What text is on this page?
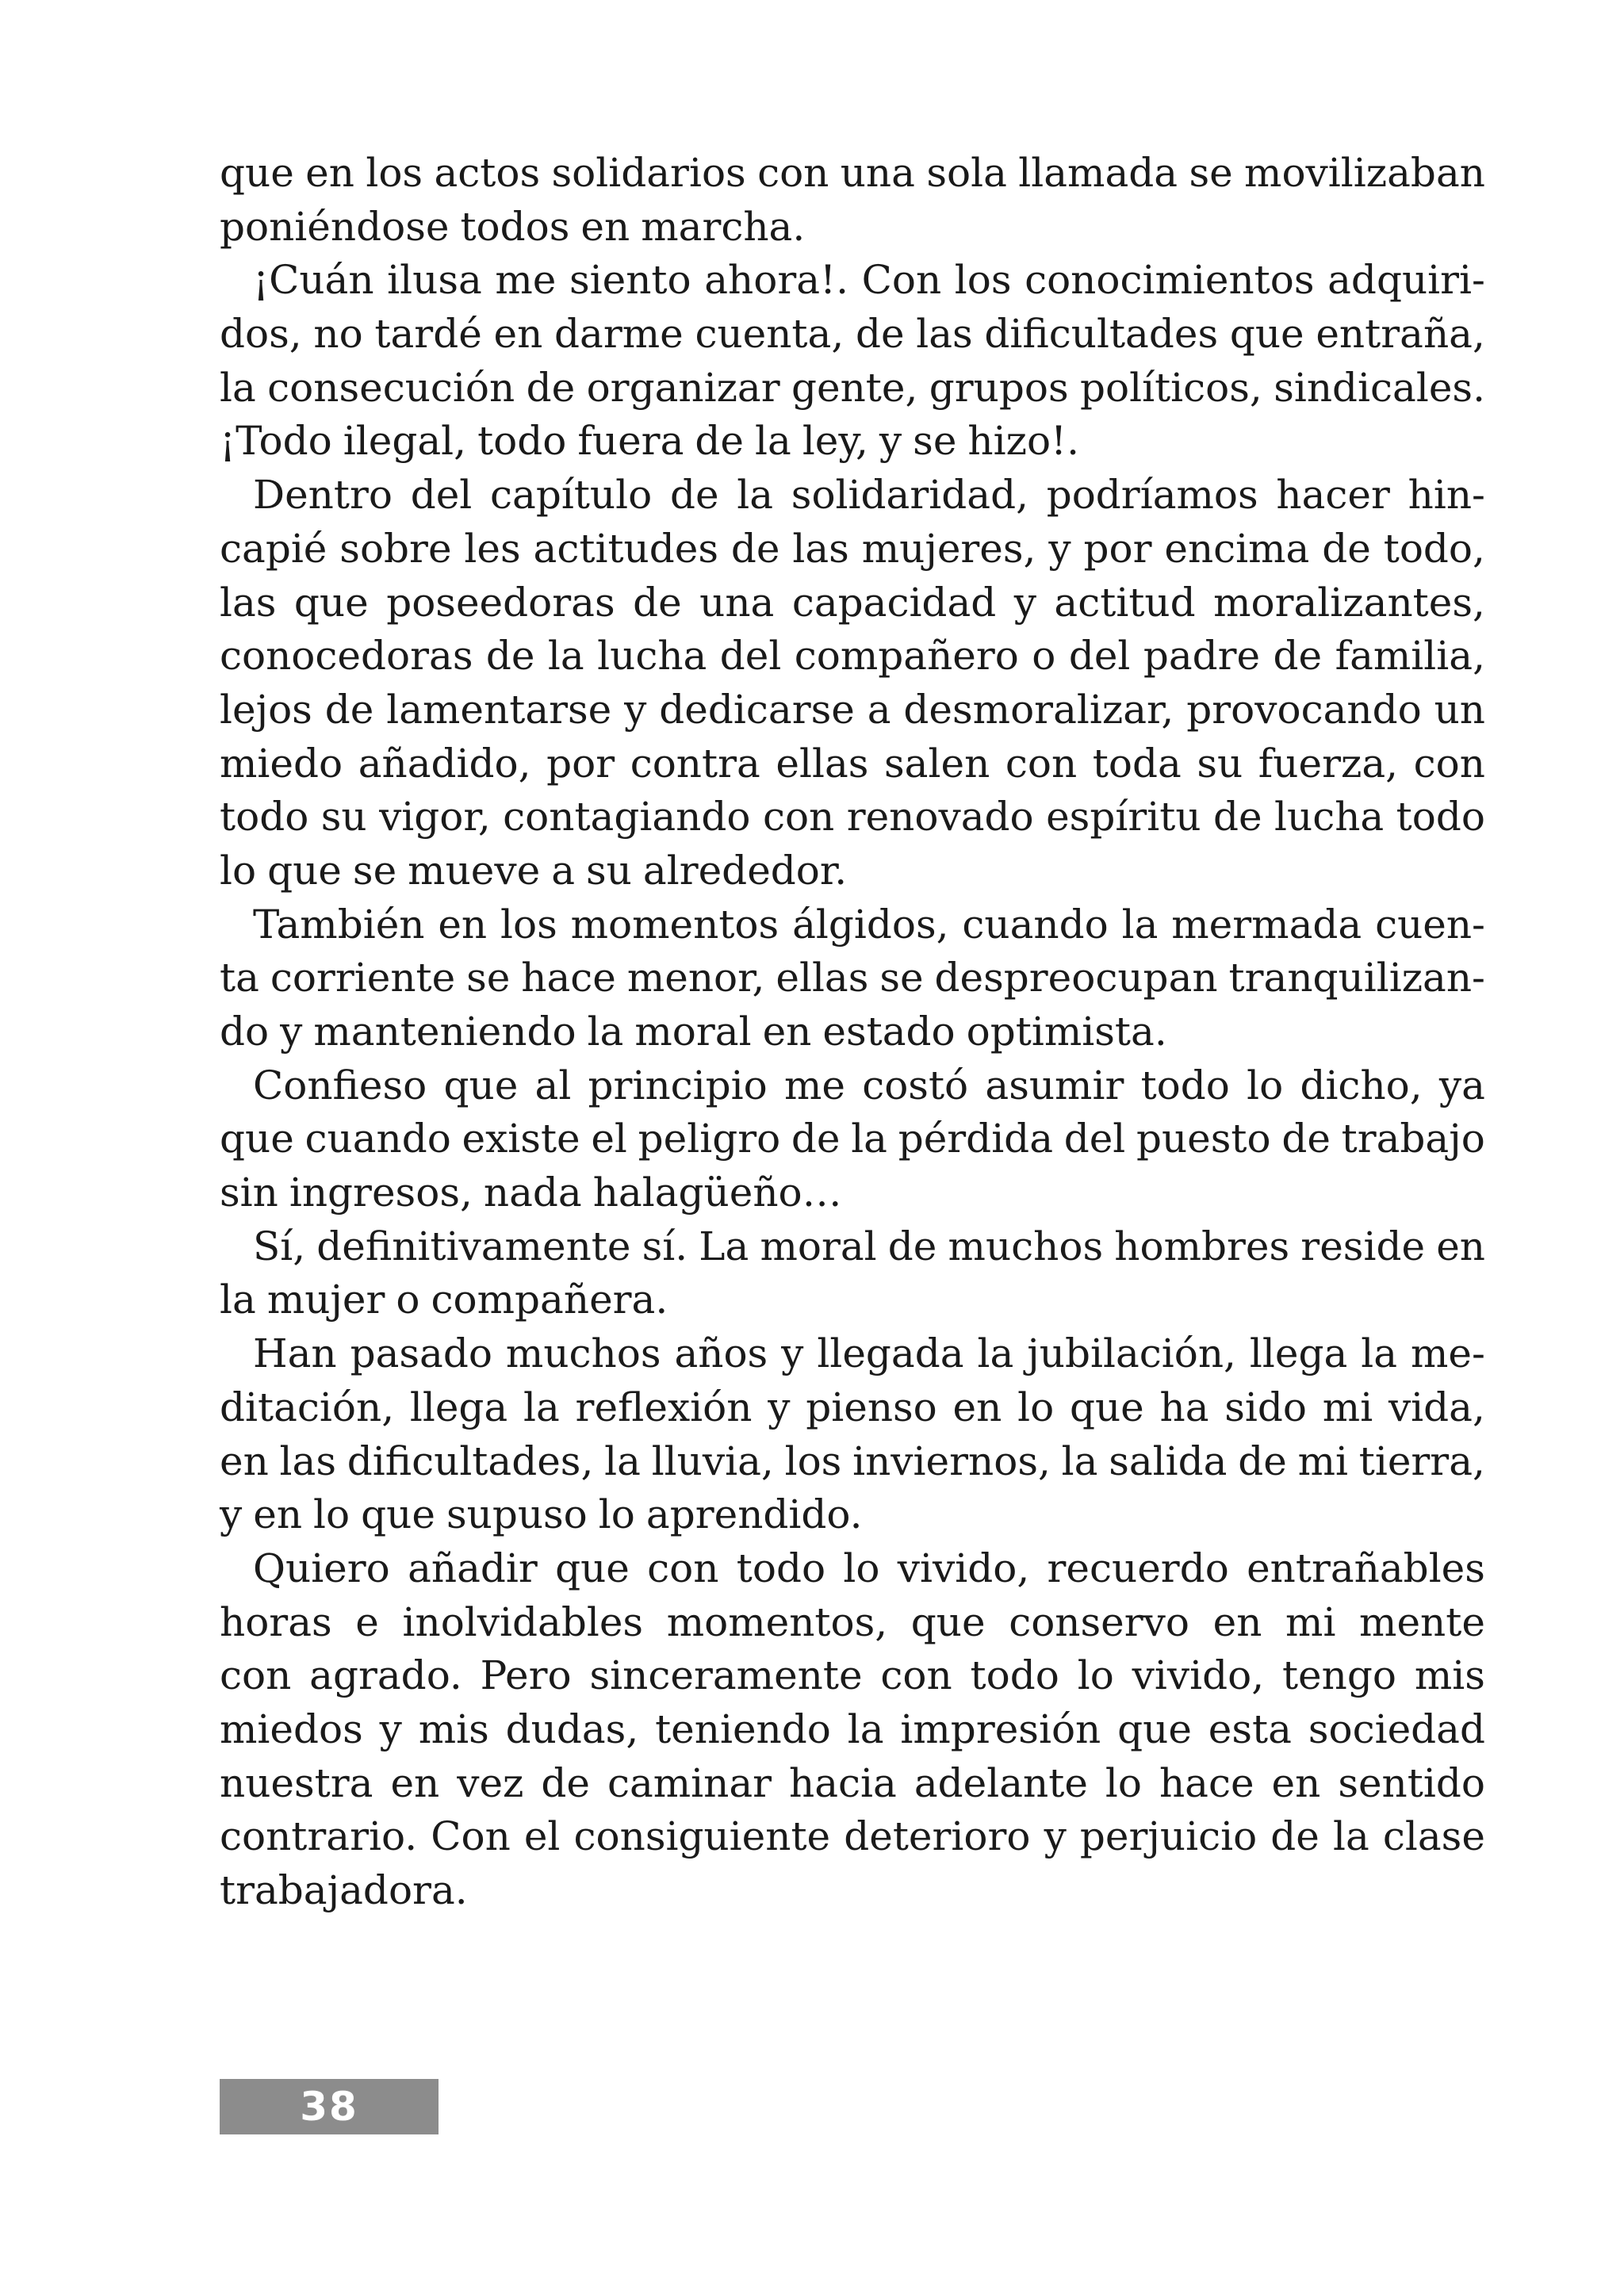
que en los actos solidarios con una sola llamada se movilizaban
poniéndose todos en marcha.
¡Cuán ilusa me siento ahora!. Con los conocimientos adquiri-
dos, no tardé en darme cuenta, de las dificultades que entraña,
la consecución de organizar gente, grupos políticos, sindicales.
¡Todo ilegal, todo fuera de la ley, y se hizo!.
Dentro del capítulo de la solidaridad, podríamos hacer hin-
capié sobre les actitudes de las mujeres, y por encima de todo,
las que poseedoras de una capacidad y actitud moralizantes,
conocedoras de la lucha del compañero o del padre de familia,
lejos de lamentarse y dedicarse a desmoralizar, provocando un
miedo añadido, por contra ellas salen con toda su fuerza, con
todo su vigor, contagiando con renovado espíritu de lucha todo
lo que se mueve a su alrededor.
También en los momentos álgidos, cuando la mermada cuen-
ta corriente se hace menor, ellas se despreocupan tranquilizan-
do y manteniendo la moral en estado optimista.
Confieso que al principio me costó asumir todo lo dicho, ya
que cuando existe el peligro de la pérdida del puesto de trabajo
sin ingresos, nada halagüeño…
Sí, definitivamente sí. La moral de muchos hombres reside en
la mujer o compañera.
Han pasado muchos años y llegada la jubilación, llega la me-
ditación, llega la reflexión y pienso en lo que ha sido mi vida,
en las dificultades, la lluvia, los inviernos, la salida de mi tierra,
y en lo que supuso lo aprendido.
Quiero añadir que con todo lo vivido, recuerdo entrañables
horas e inolvidables momentos, que conservo en mi mente
con agrado. Pero sinceramente con todo lo vivido, tengo mis
miedos y mis dudas, teniendo la impresión que esta sociedad
nuestra en vez de caminar hacia adelante lo hace en sentido
contrario. Con el consiguiente deterioro y perjuicio de la clase
trabajadora.
38
